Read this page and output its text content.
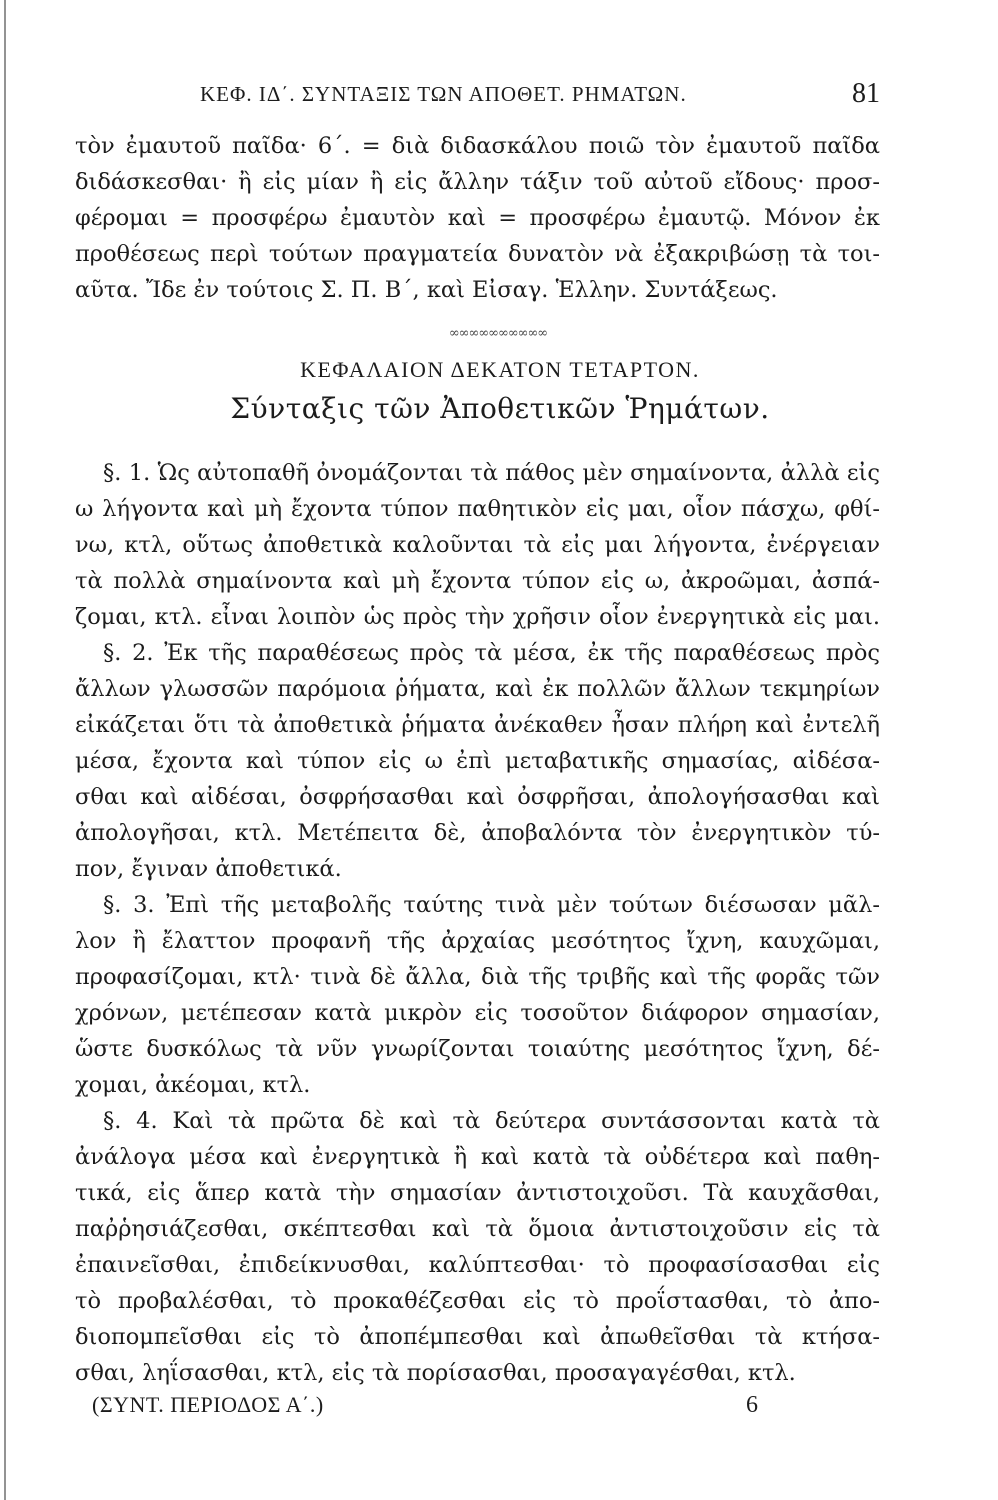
ΚΕΦ. ΙΔ΄. ΣΥΝΤΑΞΙΣ ΤΩΝ ΑΠΟΘΕΤ. ΡΗΜΑΤΩΝ.	81
τὸν ἐμαυτοῦ παῖδα· 6΄. = διὰ διδασκάλου ποιῶ τὸν ἐμαυτοῦ παῖδα
διδάσκεσθαι· ἢ εἰς μίαν ἢ εἰς ἄλλην τάξιν τοῦ αὐτοῦ εἴδους· προσ-
φέρομαι = προσφέρω ἐμαυτὸν καὶ = προσφέρω ἐμαυτῷ. Μόνον ἐκ
προθέσεως περὶ τούτων πραγματεία δυνατὸν νὰ ἐξακριβώσῃ τὰ τοι-
αῦτα. Ἴδε ἐν τούτοις Σ. Π. Β΄, καὶ Εἰσαγ. Ἑλλην. Συντάξεως.
∞∞∞∞∞∞∞∞∞∞
ΚΕΦΑΛΑΙΟΝ ΔΕΚΑΤΟΝ ΤΕΤΑΡΤΟΝ.
Σύνταξις τῶν Ἀποθετικῶν Ῥημάτων.
§. 1. Ὡς αὐτοπαθῆ ὀνομάζονται τὰ πάθος μὲν σημαίνοντα, ἀλλὰ εἰς
ω λήγοντα καὶ μὴ ἔχοντα τύπον παθητικὸν εἰς μαι, οἷον πάσχω, φθί-
νω, κτλ, οὕτως ἀποθετικὰ καλοῦνται τὰ εἰς μαι λήγοντα, ἐνέργειαν
τὰ πολλὰ σημαίνοντα καὶ μὴ ἔχοντα τύπον εἰς ω, ἀκροῶμαι, ἀσπά-
ζομαι, κτλ. εἶναι λοιπὸν ὡς πρὸς τὴν χρῆσιν οἷον ἐνεργητικὰ εἰς μαι.
§. 2. Ἐκ τῆς παραθέσεως πρὸς τὰ μέσα, ἐκ τῆς παραθέσεως πρὸς
ἄλλων γλωσσῶν παρόμοια ῥήματα, καὶ ἐκ πολλῶν ἄλλων τεκμηρίων
εἰκάζεται ὅτι τὰ ἀποθετικὰ ῥήματα ἀνέκαθεν ἦσαν πλήρη καὶ ἐντελῆ
μέσα, ἔχοντα καὶ τύπον εἰς ω ἐπὶ μεταβατικῆς σημασίας, αἰδέσα-
σθαι καὶ αἰδέσαι, ὀσφρήσασθαι καὶ ὀσφρῆσαι, ἀπολογήσασθαι καὶ
ἀπολογῆσαι, κτλ. Μετέπειτα δὲ, ἀποβαλόντα τὸν ἐνεργητικὸν τύ-
πον, ἔγιναν ἀποθετικά.
§. 3. Ἐπὶ τῆς μεταβολῆς ταύτης τινὰ μὲν τούτων διέσωσαν μᾶλ-
λον ἢ ἔλαττον προφανῆ τῆς ἀρχαίας μεσότητος ἴχνη, καυχῶμαι,
προφασίζομαι, κτλ· τινὰ δὲ ἄλλα, διὰ τῆς τριβῆς καὶ τῆς φορᾶς τῶν
χρόνων, μετέπεσαν κατὰ μικρὸν εἰς τοσοῦτον διάφορον σημασίαν,
ὥστε δυσκόλως τὰ νῦν γνωρίζονται τοιαύτης μεσότητος ἴχνη, δέ-
χομαι, ἀκέομαι, κτλ.
§. 4. Καὶ τὰ πρῶτα δὲ καὶ τὰ δεύτερα συντάσσονται κατὰ τὰ
ἀνάλογα μέσα καὶ ἐνεργητικὰ ἢ καὶ κατὰ τὰ οὐδέτερα καὶ παθη-
τικά, εἰς ἅπερ κατὰ τὴν σημασίαν ἀντιστοιχοῦσι. Τὰ καυχᾶσθαι,
παῤῥησιάζεσθαι, σκέπτεσθαι καὶ τὰ ὅμοια ἀντιστοιχοῦσιν εἰς τὰ
ἐπαινεῖσθαι, ἐπιδείκνυσθαι, καλύπτεσθαι· τὸ προφασίσασθαι εἰς
τὸ προβαλέσθαι, τὸ προκαθέζεσθαι εἰς τὸ προΐστασθαι, τὸ ἀπο-
διοπομπεῖσθαι εἰς τὸ ἀποπέμπεσθαι καὶ ἀπωθεῖσθαι τὰ κτήσα-
σθαι, ληΐσασθαι, κτλ, εἰς τὰ πορίσασθαι, προσαγαγέσθαι, κτλ.
(ΣΥΝΤ. ΠΕΡΙΟΔΟΣ Α΄.)	6
